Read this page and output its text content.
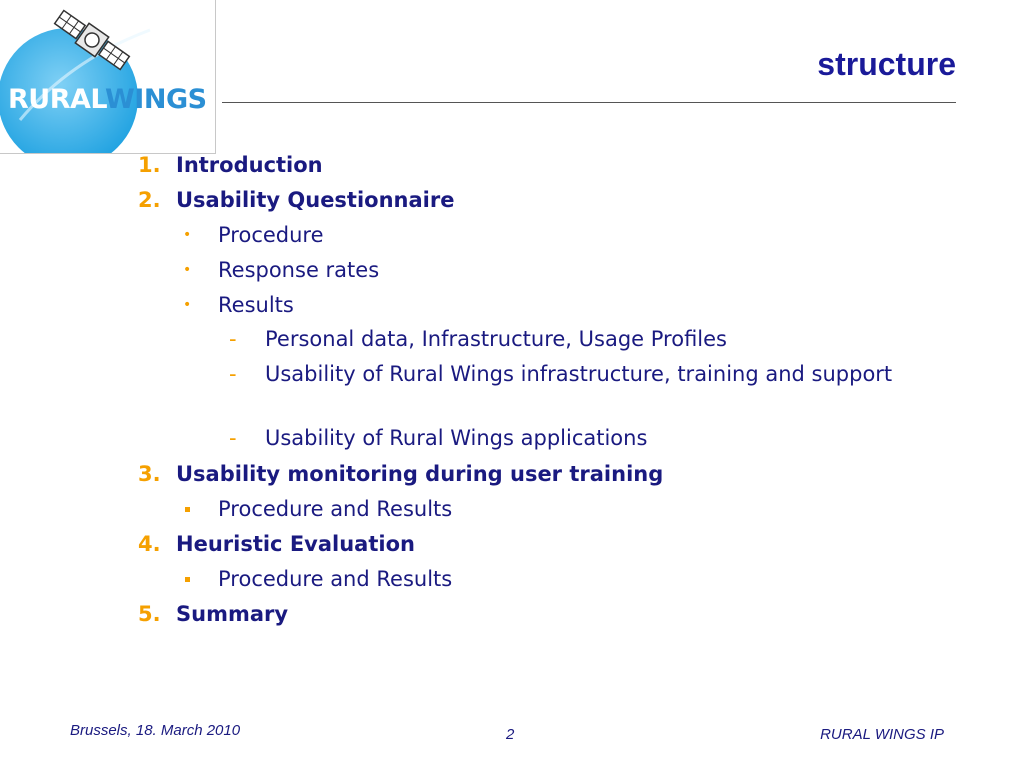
RURALWINGS
structure
1. Introduction
2. Usability Questionnaire
• Procedure
• Response rates
• Results
- Personal data, Infrastructure, Usage Profiles
- Usability of Rural Wings infrastructure, training and support
- Usability of Rural Wings applications
3. Usability monitoring during user training
Procedure and Results
4. Heuristic Evaluation
Procedure and Results
5. Summary
Brussels, 18. March 2010	2	RURAL WINGS IP
